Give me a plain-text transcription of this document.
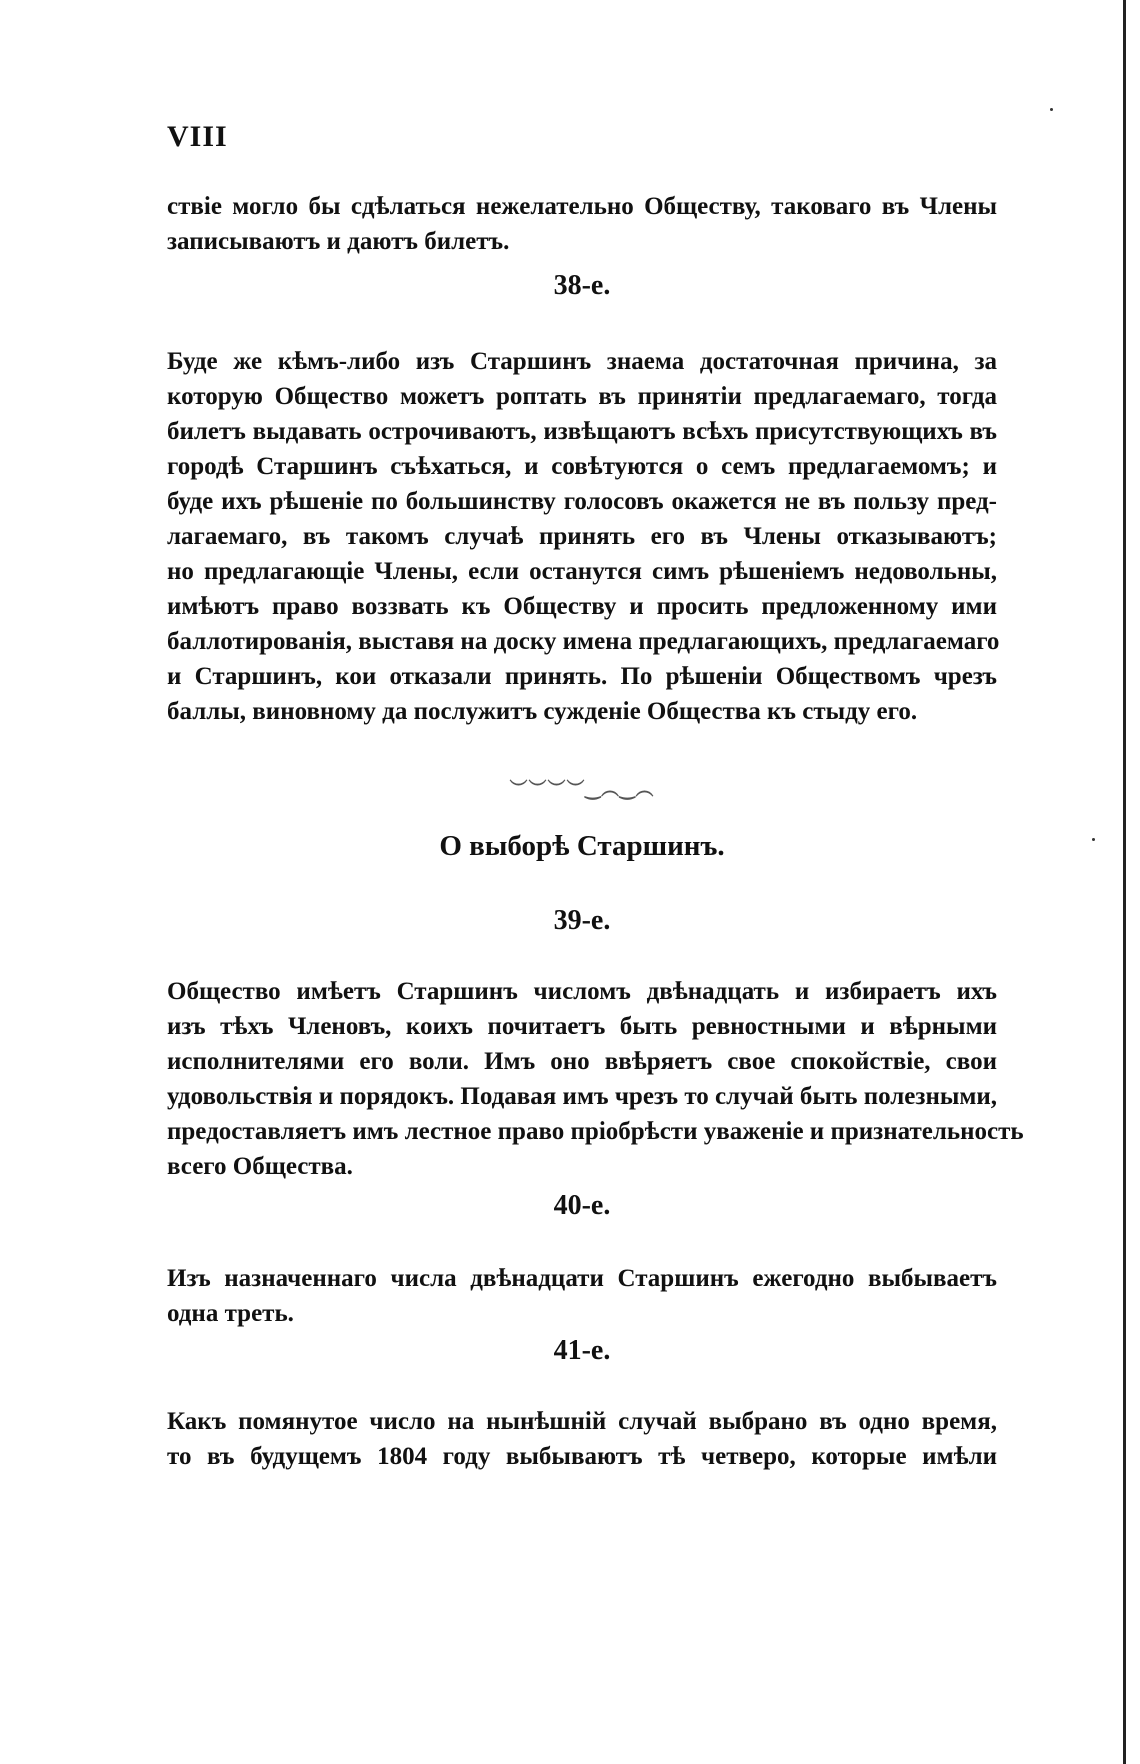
VIII
ствіе могло бы сдѣлаться нежелательно Обществу, таковаго въ Члены
записываютъ и даютъ билетъ.
38-е.
Буде же кѣмъ-либо изъ Старшинъ знаема достаточная причина, за
которую Общество можетъ роптать въ принятіи предлагаемаго, тогда
билетъ выдавать острочиваютъ, извѣщаютъ всѣхъ присутствующихъ въ
городѣ Старшинъ съѣхаться, и совѣтуются о семъ предлагаемомъ; и
буде ихъ рѣшеніе по большинству голосовъ окажется не въ пользу пред-
лагаемаго, въ такомъ случаѣ принять его въ Члены отказываютъ;
но предлагающіе Члены, если останутся симъ рѣшеніемъ недовольны,
имѣютъ право воззвать къ Обществу и просить предложенному ими
баллотированія, выставя на доску имена предлагающихъ, предлагаемаго
и Старшинъ, кои отказали принять. По рѣшеніи Обществомъ чрезъ
баллы, виновному да послужитъ сужденіе Общества къ стыду его.
︶︶︶︶‿︵‿︵
О выборѣ Старшинъ.
39-е.
Общество имѣетъ Старшинъ числомъ двѣнадцать и избираетъ ихъ
изъ тѣхъ Членовъ, коихъ почитаетъ быть ревностными и вѣрными
исполнителями его воли. Имъ оно ввѣряетъ свое спокойствіе, свои
удовольствія и порядокъ. Подавая имъ чрезъ то случай быть полезными,
предоставляетъ имъ лестное право пріобрѣсти уваженіе и признательность
всего Общества.
40-е.
Изъ назначеннаго числа двѣнадцати Старшинъ ежегодно выбываетъ
одна треть.
41-е.
Какъ помянутое число на нынѣшній случай выбрано въ одно время,
то въ будущемъ 1804 году выбываютъ тѣ четверо, которые имѣли
